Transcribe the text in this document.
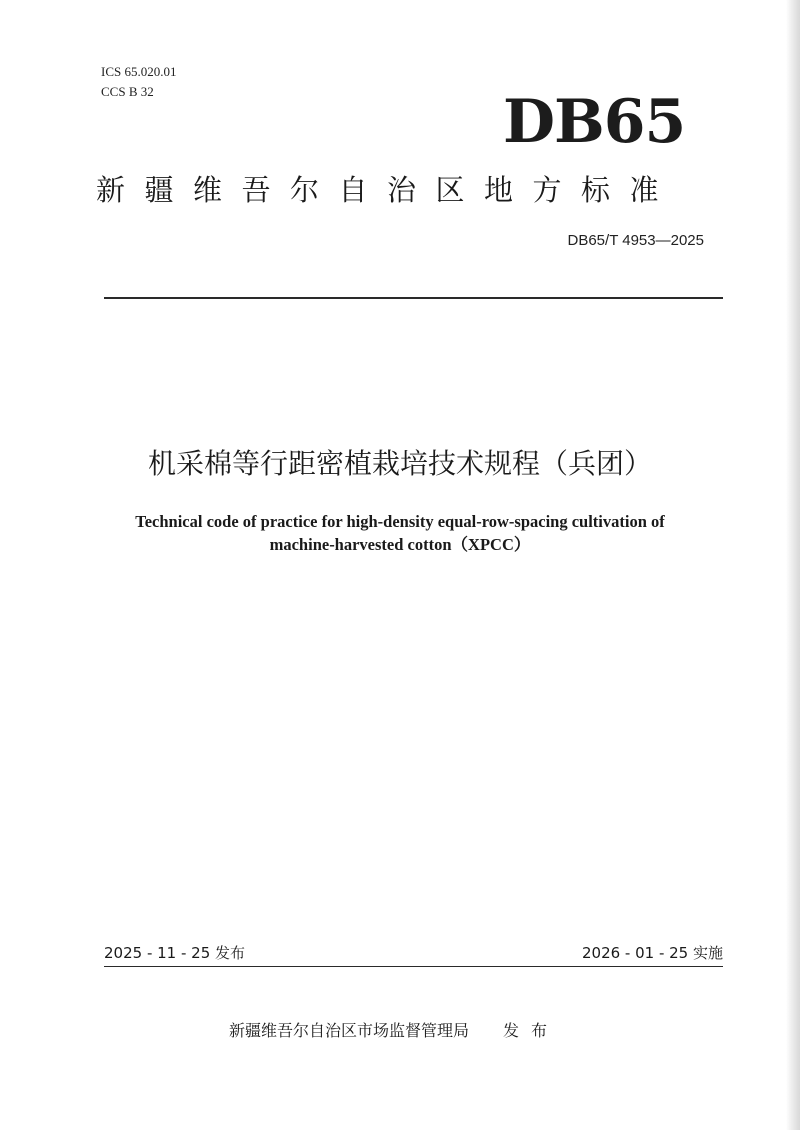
ICS 65.020.01
CCS B 32	DB65
新疆维吾尔自治区地方标准
DB65/T 4953—2025
机采棉等行距密植栽培技术规程（兵团）
Technical code of practice for high-density equal-row-spacing cultivation of
machine-harvested cotton（XPCC）
2025 - 11 - 25 发布	2026 - 01 - 25 实施
新疆维吾尔自治区市场监督管理局 发布
